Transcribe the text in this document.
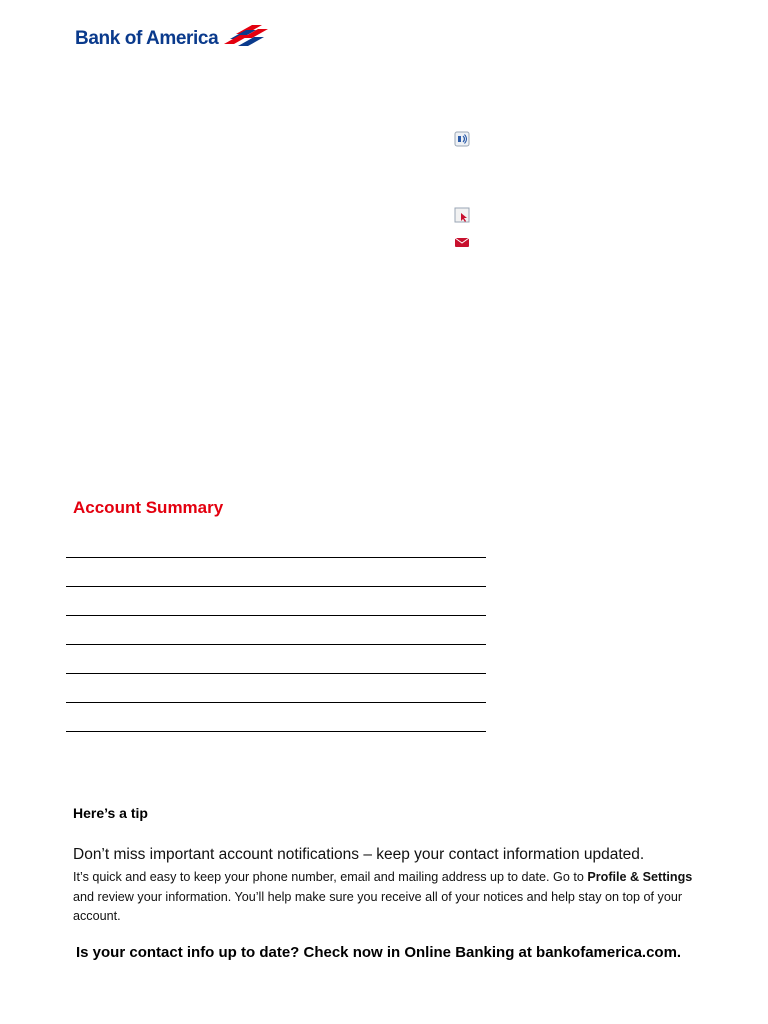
Bank of America
Account Summary
Here’s a tip
Don’t miss important account notifications – keep your contact information updated.
It’s quick and easy to keep your phone number, email and mailing address up to date. Go to Profile & Settings and review your information. You’ll help make sure you receive all of your notices and help stay on top of your account.
Is your contact info up to date? Check now in Online Banking at bankofamerica.com.
